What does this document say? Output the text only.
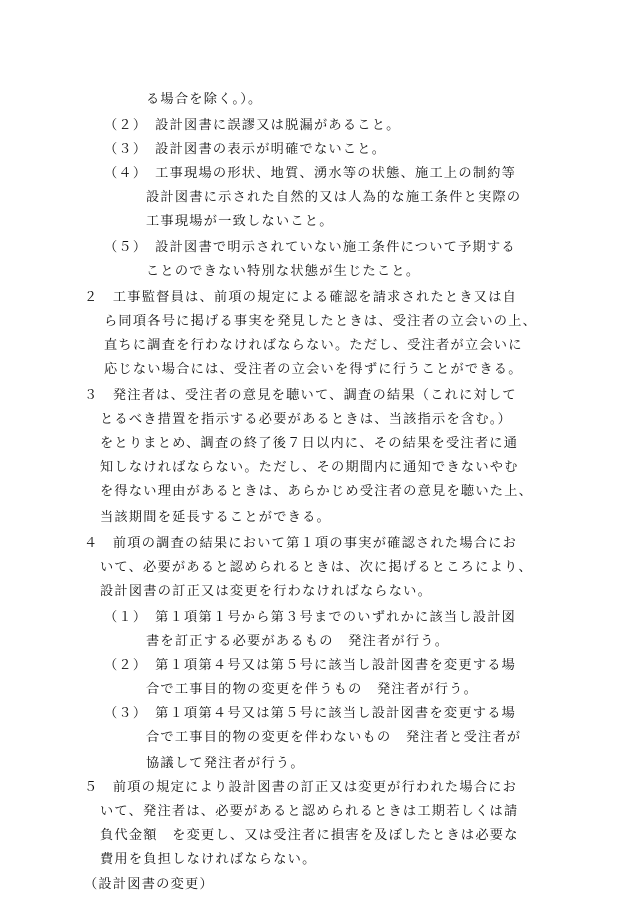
る場合を除く。）。
（２）　設計図書に誤謬又は脱漏があること。
（３）　設計図書の表示が明確でないこと。
（４）　工事現場の形状、地質、湧水等の状態、施工上の制約等
設計図書に示された自然的又は人為的な施工条件と実際の
工事現場が一致しないこと。
（５）　設計図書で明示されていない施工条件について予期する
ことのできない特別な状態が生じたこと。
２　工事監督員は、前項の規定による確認を請求されたとき又は自
ら同項各号に掲げる事実を発見したときは、受注者の立会いの上、
直ちに調査を行わなければならない。ただし、受注者が立会いに
応じない場合には、受注者の立会いを得ずに行うことができる。
３　発注者は、受注者の意見を聴いて、調査の結果（これに対して
とるべき措置を指示する必要があるときは、当該指示を含む。）
をとりまとめ、調査の終了後７日以内に、その結果を受注者に通
知しなければならない。ただし、その期間内に通知できないやむ
を得ない理由があるときは、あらかじめ受注者の意見を聴いた上、
当該期間を延長することができる。
４　前項の調査の結果において第１項の事実が確認された場合にお
いて、必要があると認められるときは、次に掲げるところにより、
設計図書の訂正又は変更を行わなければならない。
（１）　第１項第１号から第３号までのいずれかに該当し設計図
書を訂正する必要があるもの　発注者が行う。
（２）　第１項第４号又は第５号に該当し設計図書を変更する場
合で工事目的物の変更を伴うもの　発注者が行う。
（３）　第１項第４号又は第５号に該当し設計図書を変更する場
合で工事目的物の変更を伴わないもの　発注者と受注者が
協議して発注者が行う。
５　前項の規定により設計図書の訂正又は変更が行われた場合にお
いて、発注者は、必要があると認められるときは工期若しくは請
負代金額　を変更し、又は受注者に損害を及ぼしたときは必要な
費用を負担しなければならない。
（設計図書の変更）
